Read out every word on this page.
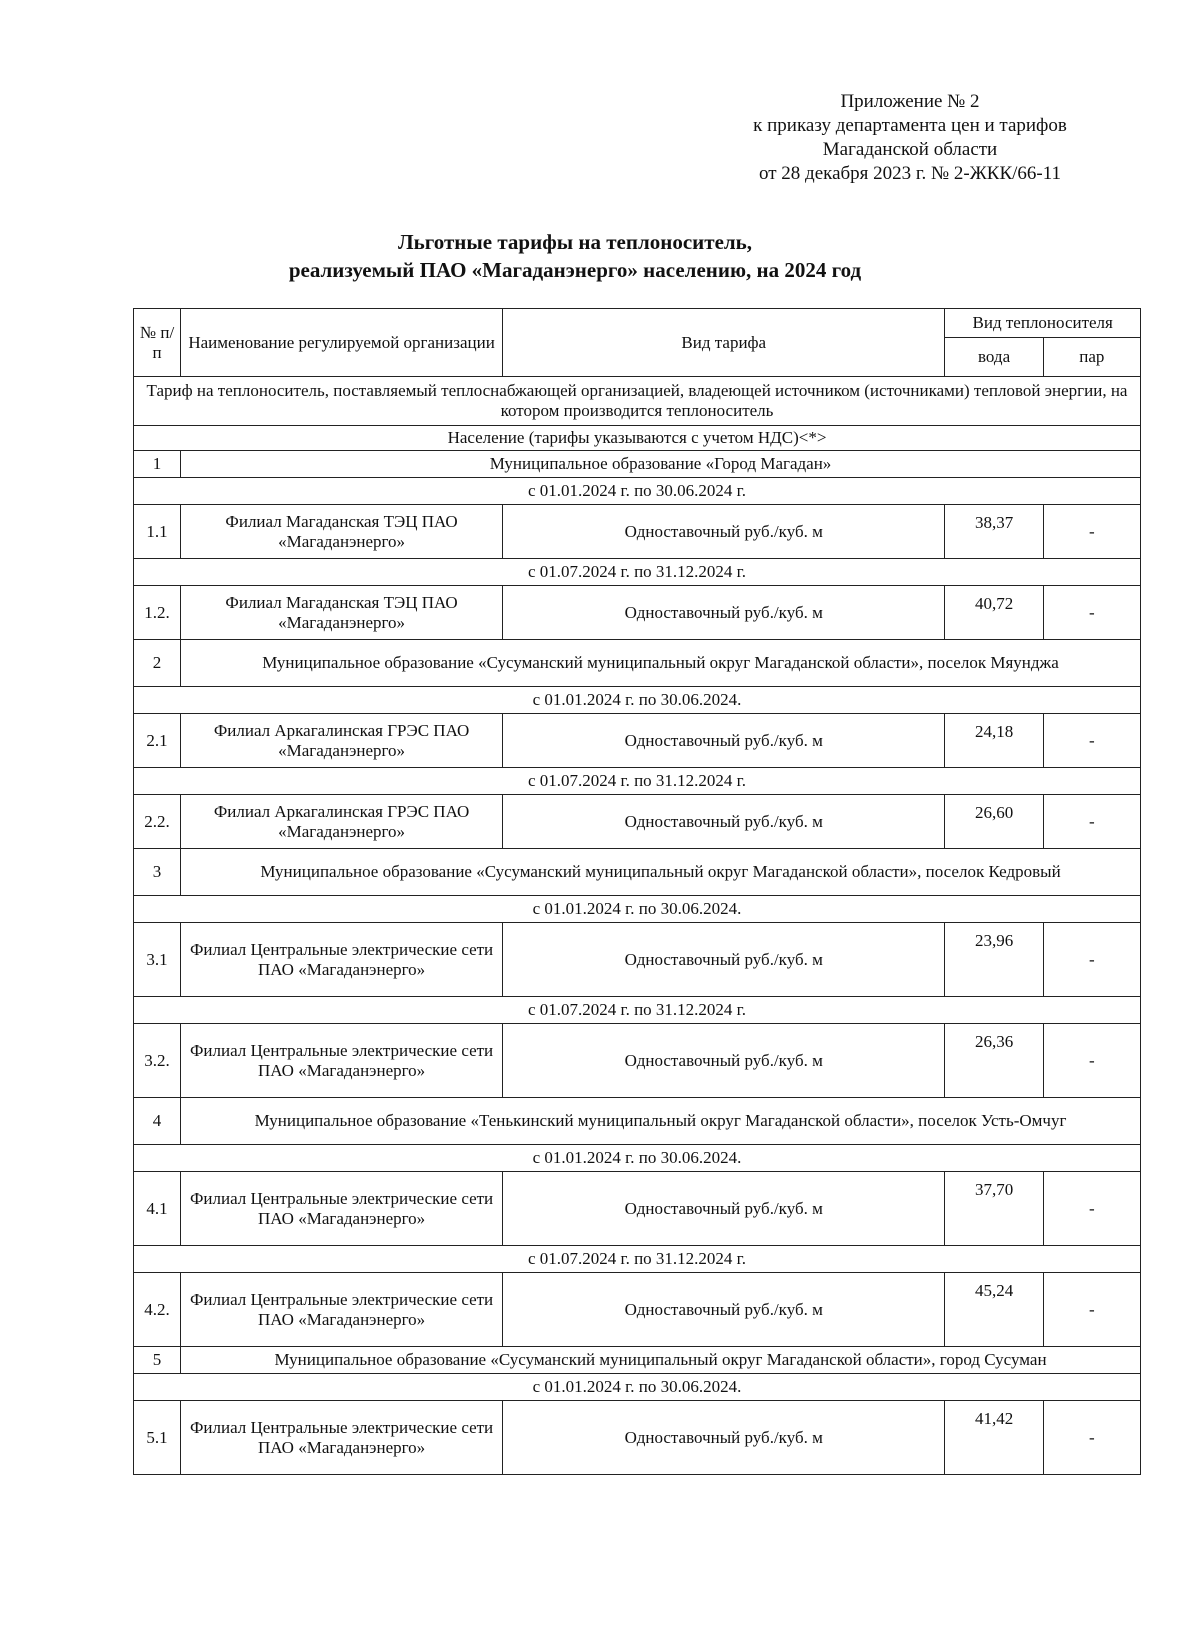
Приложение № 2
к приказу департамента цен и тарифов
Магаданской области
от 28 декабря 2023 г. № 2-ЖКК/66-11
Льготные тарифы на теплоноситель,
реализуемый ПАО «Магаданэнерго» населению, на 2024 год
№ п/п	Наименование регулируемой организации	Вид тарифа	Вид теплоносителя	
			вода	пар
Тариф на теплоноситель, поставляемый теплоснабжающей организацией, владеющей источником (источниками) тепловой энергии, на котором производится теплоноситель				
Население (тарифы указываются с учетом НДС)<*>				
1	Муниципальное образование «Город Магадан»			
с 01.01.2024 г. по 30.06.2024 г.				
1.1	Филиал Магаданская ТЭЦ ПАО «Магаданэнерго»	Одноставочный руб./куб. м	38,37	-
с 01.07.2024 г. по 31.12.2024 г.				
1.2.	Филиал Магаданская ТЭЦ ПАО «Магаданэнерго»	Одноставочный руб./куб. м	40,72	-
2	Муниципальное образование «Сусуманский муниципальный округ Магаданской области», поселок Мяунджа			
с 01.01.2024 г. по 30.06.2024.				
2.1	Филиал Аркагалинская ГРЭС ПАО «Магаданэнерго»	Одноставочный руб./куб. м	24,18	-
с 01.07.2024 г. по 31.12.2024 г.				
2.2.	Филиал Аркагалинская ГРЭС ПАО «Магаданэнерго»	Одноставочный руб./куб. м	26,60	-
3	Муниципальное образование «Сусуманский муниципальный округ Магаданской области», поселок Кедровый			
с 01.01.2024 г. по 30.06.2024.				
3.1	Филиал Центральные электрические сети ПАО «Магаданэнерго»	Одноставочный руб./куб. м	23,96	-
с 01.07.2024 г. по 31.12.2024 г.				
3.2.	Филиал Центральные электрические сети ПАО «Магаданэнерго»	Одноставочный руб./куб. м	26,36	-
4	Муниципальное образование «Тенькинский муниципальный округ Магаданской области», поселок Усть-Омчуг			
с 01.01.2024 г. по 30.06.2024.				
4.1	Филиал Центральные электрические сети ПАО «Магаданэнерго»	Одноставочный руб./куб. м	37,70	-
с 01.07.2024 г. по 31.12.2024 г.				
4.2.	Филиал Центральные электрические сети ПАО «Магаданэнерго»	Одноставочный руб./куб. м	45,24	-
5	Муниципальное образование «Сусуманский муниципальный округ Магаданской области», город Сусуман			
с 01.01.2024 г. по 30.06.2024.				
5.1	Филиал Центральные электрические сети ПАО «Магаданэнерго»	Одноставочный руб./куб. м	41,42	-
